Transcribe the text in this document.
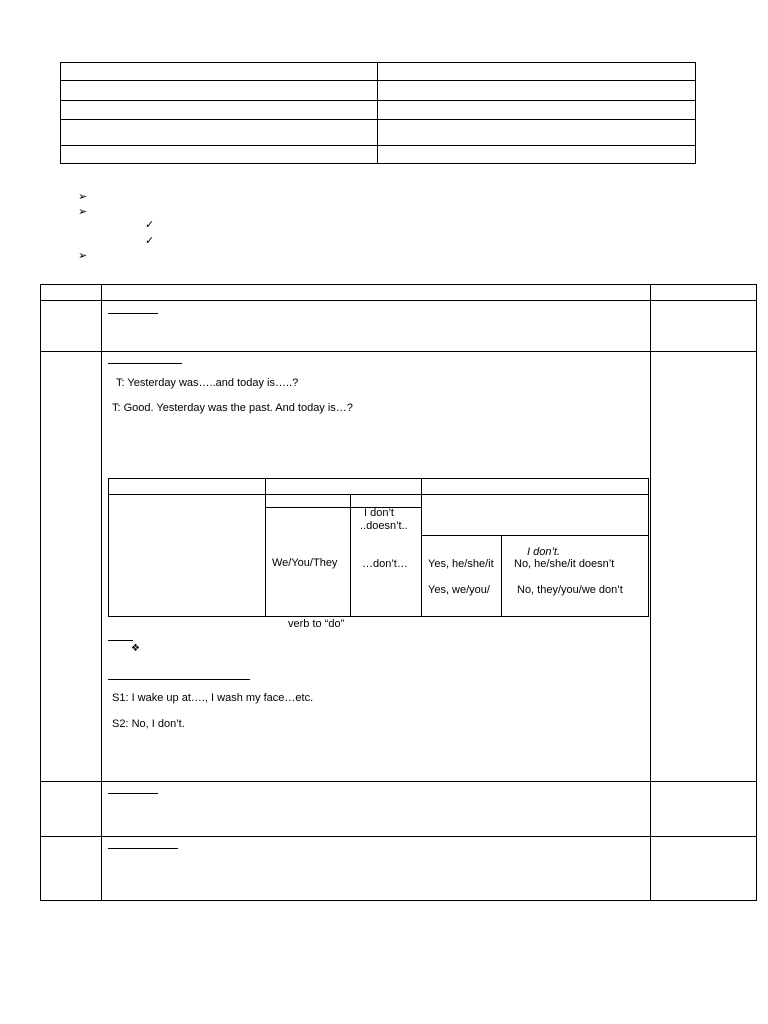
➢
➢
✓
✓
➢
T: Yesterday was…..and today is…..?
T: Good. Yesterday was the past. And today is…?
I don’t
..doesn’t..
We/You/They …don’t…
I don’t.
Yes, he/she/it No, he/she/it doesn’t
Yes, we/you/ No, they/you/we don’t
verb to “do”
❖
S1: I wake up at…., I wash my face…etc.
S2: No, I don’t.
